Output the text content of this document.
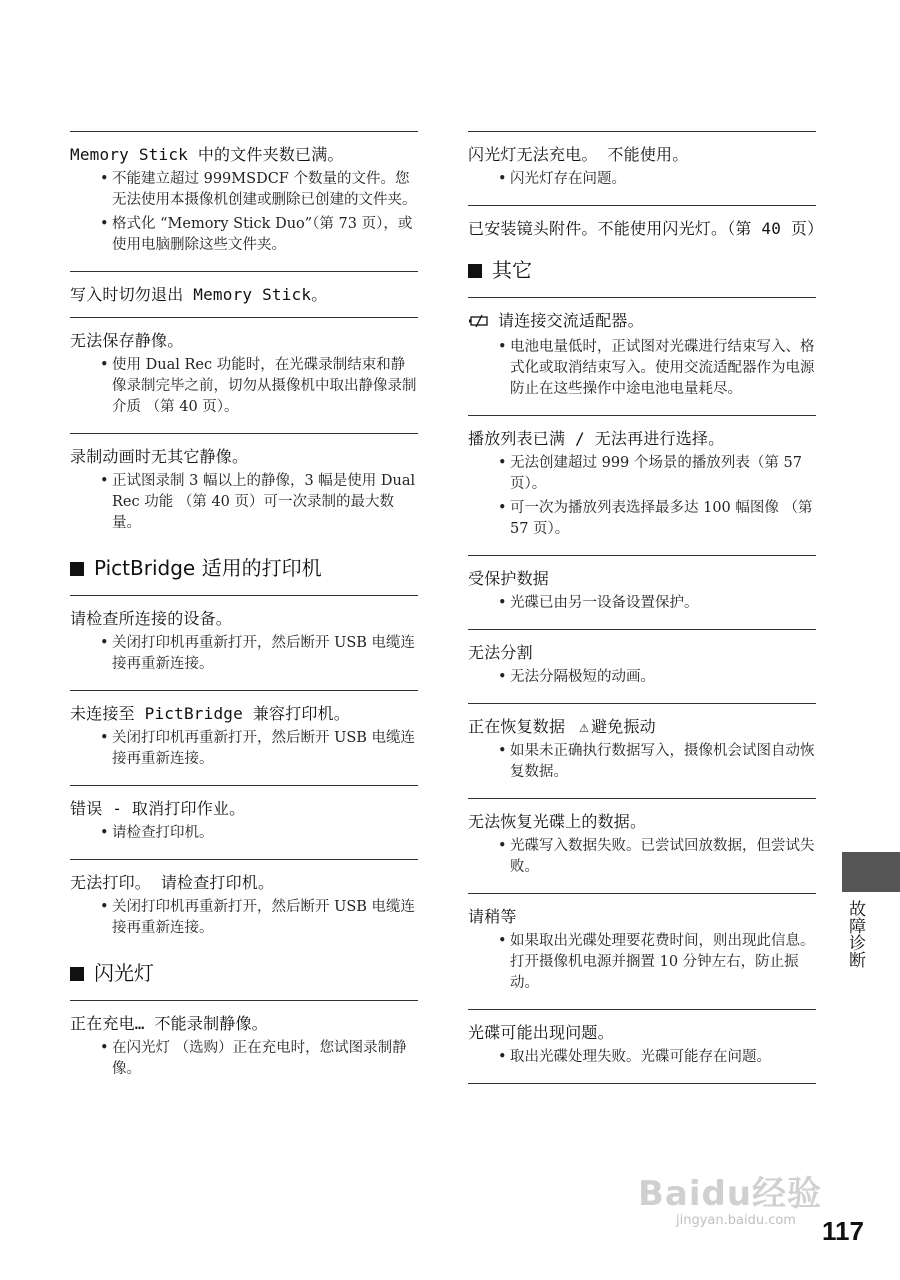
Memory Stick 中的文件夹数已满。
• 不能建立超过 999MSDCF 个数量的文件。您无法使用本摄像机创建或删除已创建的文件夹。
• 格式化 “Memory Stick Duo”（第 73 页），或使用电脑删除这些文件夹。
写入时切勿退出 Memory Stick。
无法保存静像。
• 使用 Dual Rec 功能时，在光碟录制结束和静像录制完毕之前，切勿从摄像机中取出静像录制介质 （第 40 页）。
录制动画时无其它静像。
• 正试图录制 3 幅以上的静像，3 幅是使用 Dual Rec 功能 （第 40 页）可一次录制的最大数量。
PictBridge 适用的打印机
请检查所连接的设备。
• 关闭打印机再重新打开，然后断开 USB 电缆连接再重新连接。
未连接至 PictBridge 兼容打印机。
• 关闭打印机再重新打开，然后断开 USB 电缆连接再重新连接。
错误 - 取消打印作业。
• 请检查打印机。
无法打印。 请检查打印机。
• 关闭打印机再重新打开，然后断开 USB 电缆连接再重新连接。
闪光灯
正在充电… 不能录制静像。
• 在闪光灯 （选购）正在充电时，您试图录制静像。
闪光灯无法充电。 不能使用。
• 闪光灯存在问题。
已安装镜头附件。不能使用闪光灯。（第 40 页）
其它
请连接交流适配器。
• 电池电量低时，正试图对光碟进行结束写入、格式化或取消结束写入。使用交流适配器作为电源防止在这些操作中途电池电量耗尽。
播放列表已满 / 无法再进行选择。
• 无法创建超过 999 个场景的播放列表（第 57 页）。
• 可一次为播放列表选择最多达 100 幅图像 （第 57 页）。
受保护数据
• 光碟已由另一设备设置保护。
无法分割
• 无法分隔极短的动画。
正在恢复数据 ⚠ 避免振动
• 如果未正确执行数据写入，摄像机会试图自动恢复数据。
无法恢复光碟上的数据。
• 光碟写入数据失败。已尝试回放数据，但尝试失败。
请稍等
• 如果取出光碟处理要花费时间，则出现此信息。打开摄像机电源并搁置 10 分钟左右，防止振动。
光碟可能出现问题。
• 取出光碟处理失败。光碟可能存在问题。
故障诊断
Baidu经验
jingyan.baidu.com 117
